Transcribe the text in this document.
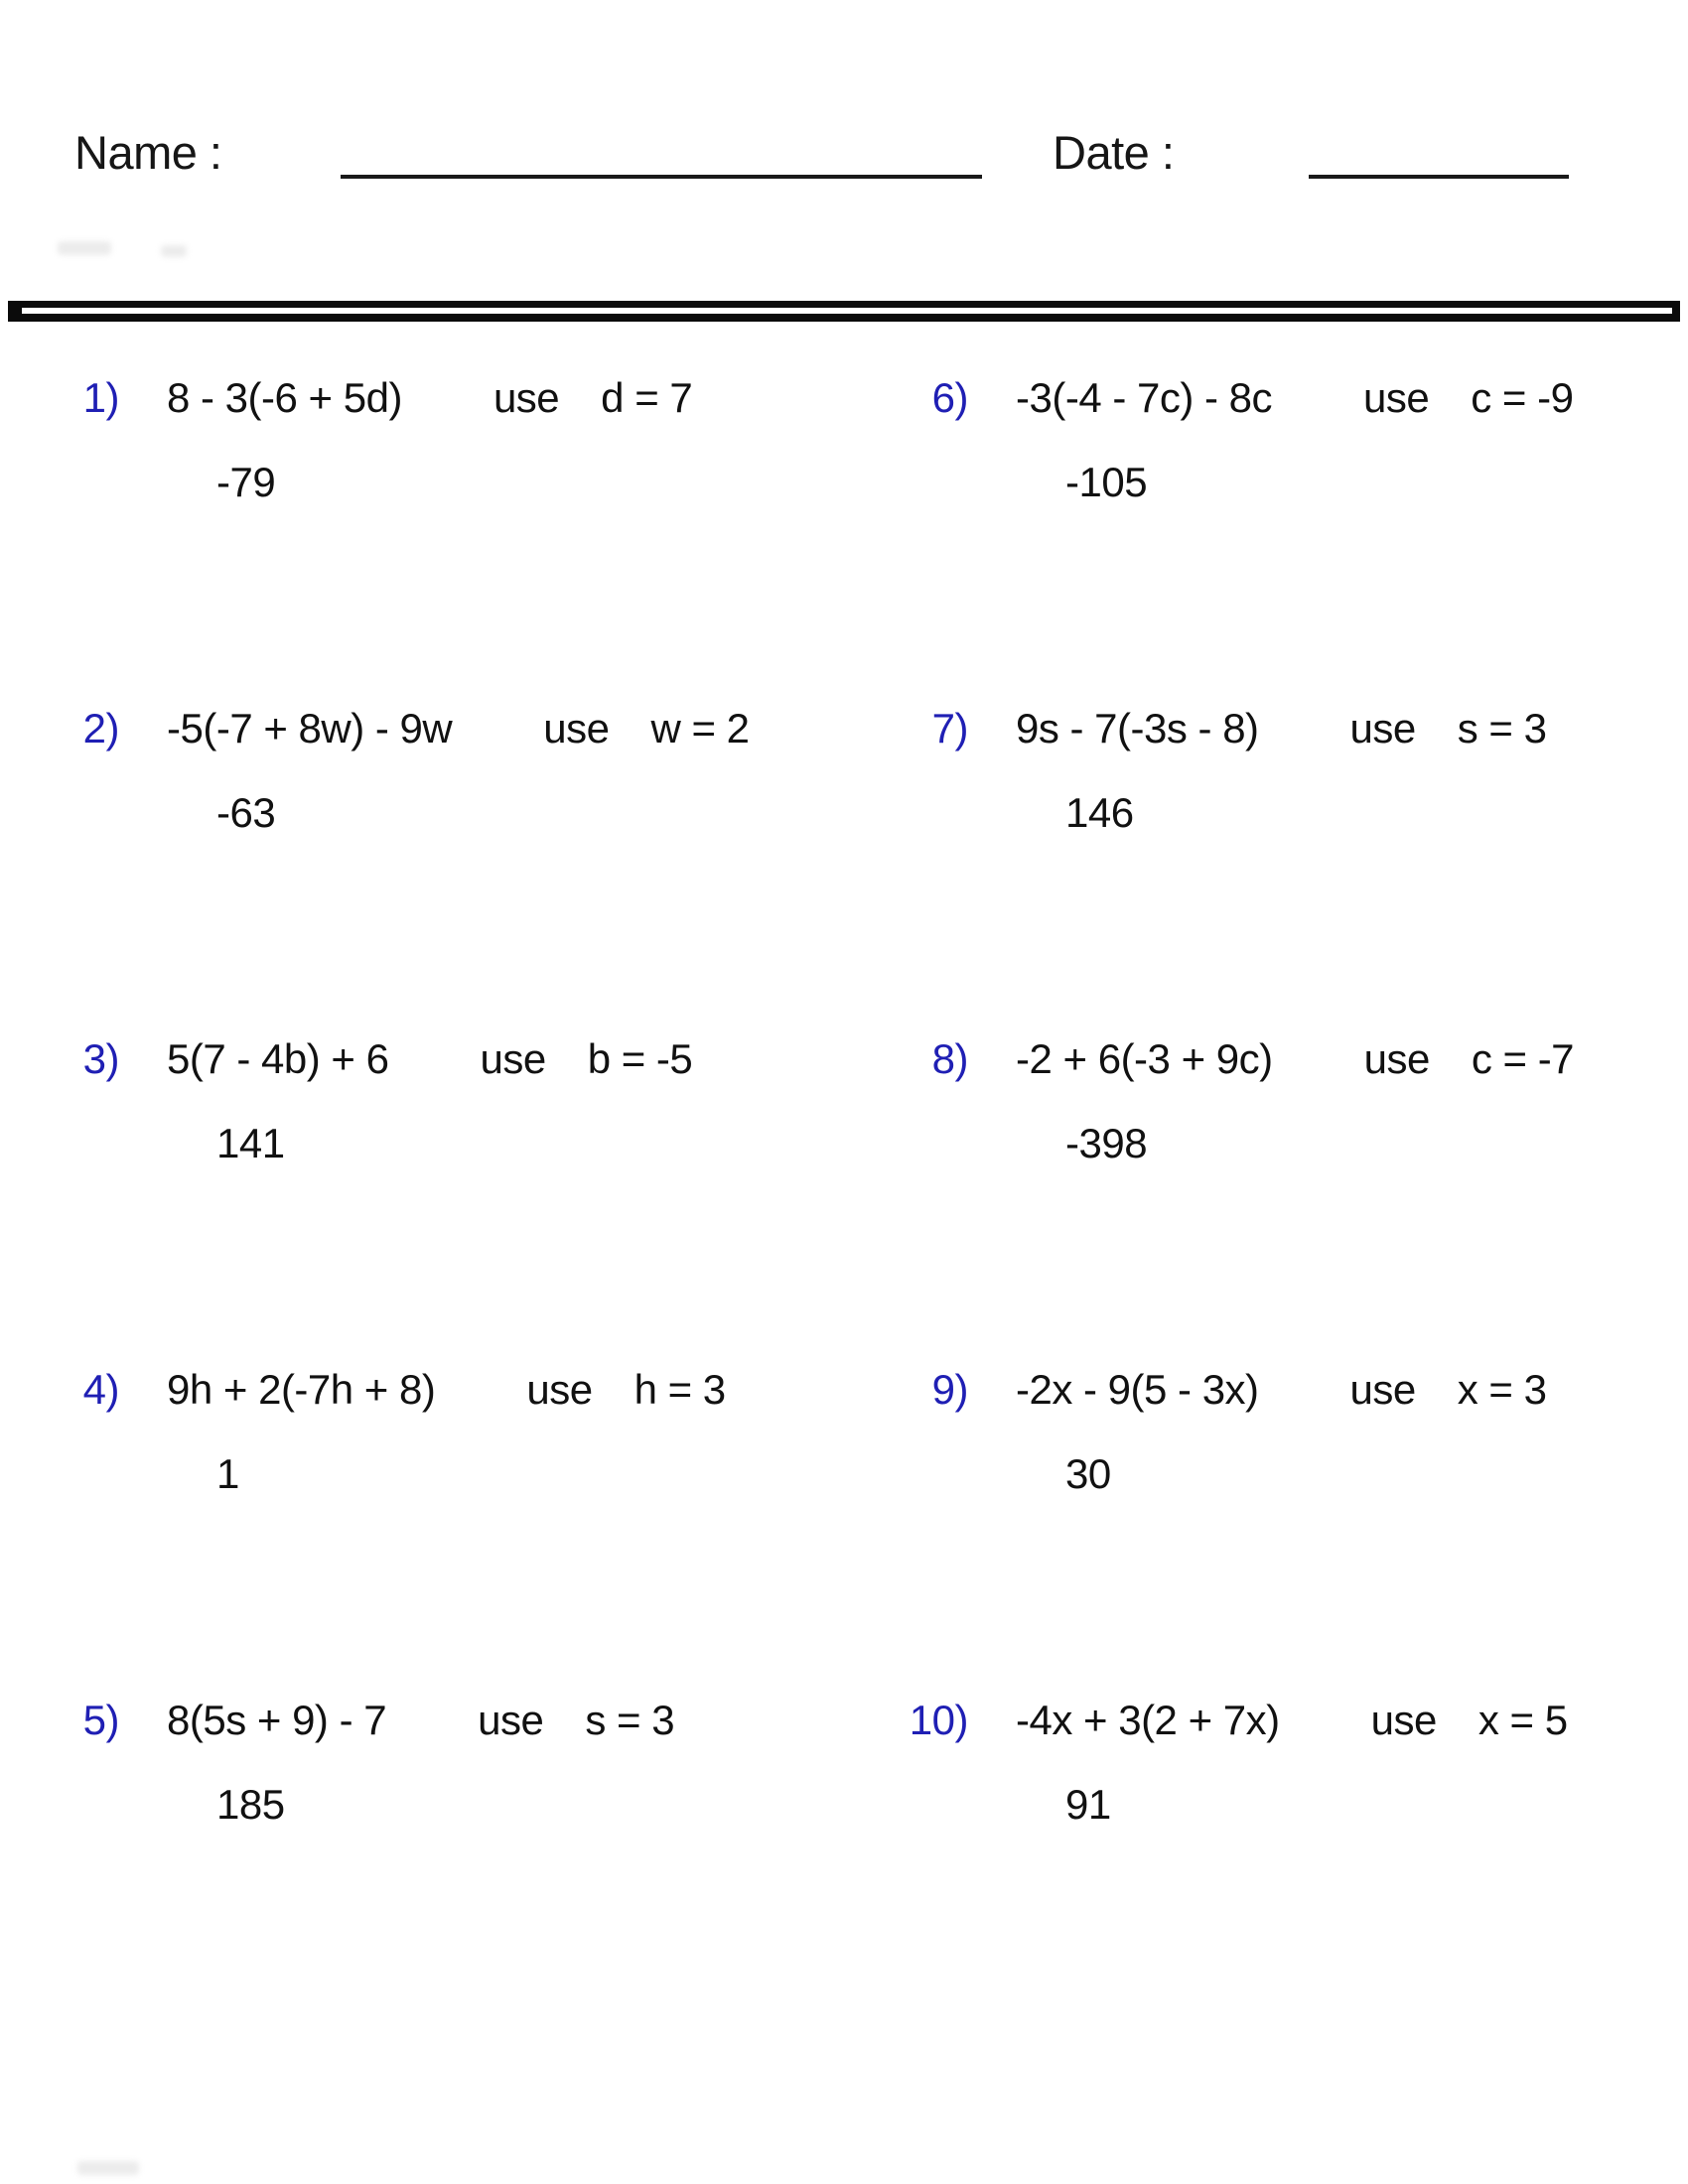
Name :	Date :
1) 8 - 3(-6 + 5d) use d = 7
-79
2) -5(-7 + 8w) - 9w use w = 2
-63
3) 5(7 - 4b) + 6 use b = -5
141
4) 9h + 2(-7h + 8) use h = 3
1
5) 8(5s + 9) - 7 use s = 3
185
6) -3(-4 - 7c) - 8c use c = -9
-105
7) 9s - 7(-3s - 8) use s = 3
146
8) -2 + 6(-3 + 9c) use c = -7
-398
9) -2x - 9(5 - 3x) use x = 3
30
10) -4x + 3(2 + 7x) use x = 5
91
